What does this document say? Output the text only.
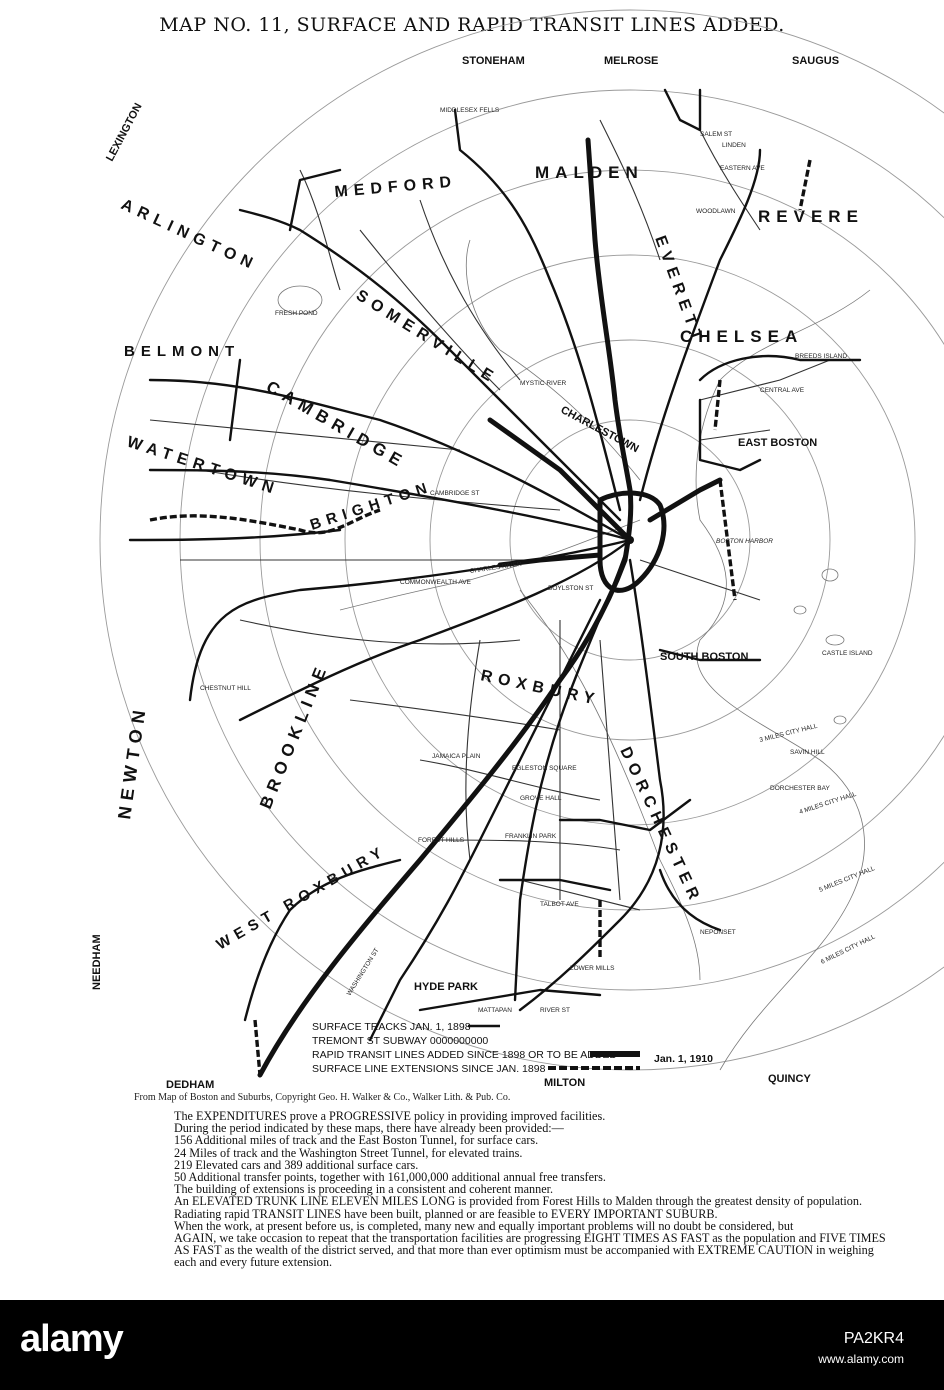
MAP NO. 11, SURFACE AND RAPID TRANSIT LINES ADDED.
STONEHAM	MELROSE	SAUGUS
LEXINGTON	MIDDLESEX FELLS
MEDFORD
MALDEN
ARLINGTON	REVERE
EVERETT
SOMERVILLE	CHELSEA
BELMONT	BREEDS ISLAND
CAMBRIDGE	CHARLESTOWN	EAST BOSTON
WATERTOWN
BOSTON HARBOR
BRIGHTON
NEWTON
SOUTH BOSTON
BROOKLINE
CHESTNUT HILL	ROXBURY
DORCHESTER
WEST ROXBURY
NEEDHAM	HYDE PARK
DEDHAM	MILTON	QUINCY
MYSTIC RIVER
CHARLES RIVER
FRESH POND
FRANKLIN PARK
SAVIN HILL
DORCHESTER BAY
CASTLE ISLAND
JAMAICA PLAIN
GROVE HALL
MATTAPAN	RIVER ST
NEPONSET
WASHINGTON ST
BOYLSTON ST
COMMONWEALTH AVE
CAMBRIDGE ST
WOODLAWN
LINDEN
EASTERN AVE
SALEM ST
CENTRAL AVE
FOREST HILLS
EGLESTON SQUARE
LOWER MILLS
TALBOT AVE
3 MILES CITY HALL
4 MILES CITY HALL
5 MILES CITY HALL
6 MILES CITY HALL
SURFACE TRACKS JAN. 1, 1898
TREMONT ST SUBWAY 0000000000
RAPID TRANSIT LINES ADDED SINCE 1898 OR TO BE ADDED
SURFACE LINE EXTENSIONS SINCE JAN. 1898
Jan. 1, 1910
From Map of Boston and Suburbs, Copyright Geo. H. Walker & Co., Walker Lith. & Pub. Co.

The EXPENDITURES prove a PROGRESSIVE policy in providing improved facilities.

During the period indicated by these maps, there have already been provided:—

156 Additional miles of track and the East Boston Tunnel, for surface cars.

24 Miles of track and the Washington Street Tunnel, for elevated trains.

219 Elevated cars and 389 additional surface cars.

50 Additional transfer points, together with 161,000,000 additional annual free transfers.

The building of extensions is proceeding in a consistent and coherent manner.

An ELEVATED TRUNK LINE ELEVEN MILES LONG is provided from Forest Hills to Malden through the greatest density of population.

Radiating rapid TRANSIT LINES have been built, planned or are feasible to EVERY IMPORTANT SUBURB.

When the work, at present before us, is completed, many new and equally important problems will no doubt be considered, but

AGAIN, we take occasion to repeat that the transportation facilities are progressing EIGHT TIMES AS FAST as the population and FIVE TIMES AS FAST as the wealth of the district served, and that more than ever optimism must be accompanied with EXTREME CAUTION in weighing each and every future extension.

alamy	PA2KR4
www.alamy.com
